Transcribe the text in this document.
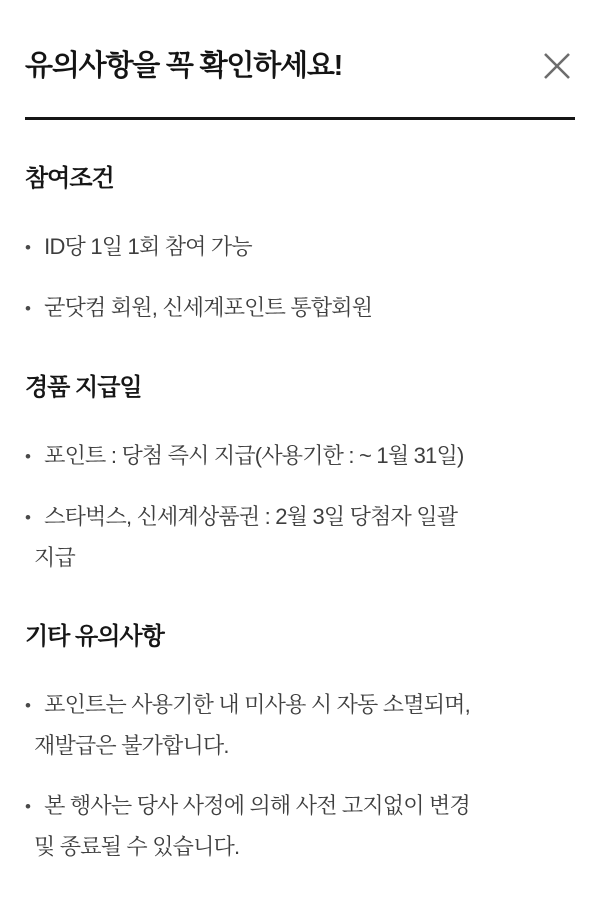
유의사항을 꼭 확인하세요!
참여조건
• ID당 1일 1회 참여 가능
• 굳닷컴 회원, 신세계포인트 통합회원
경품 지급일
• 포인트 : 당첨 즉시 지급(사용기한 : ~ 1월 31일)
• 스타벅스, 신세계상품권 : 2월 3일 당첨자 일괄
지급
기타 유의사항
• 포인트는 사용기한 내 미사용 시 자동 소멸되며,
재발급은 불가합니다.
• 본 행사는 당사 사정에 의해 사전 고지없이 변경
및 종료될 수 있습니다.
